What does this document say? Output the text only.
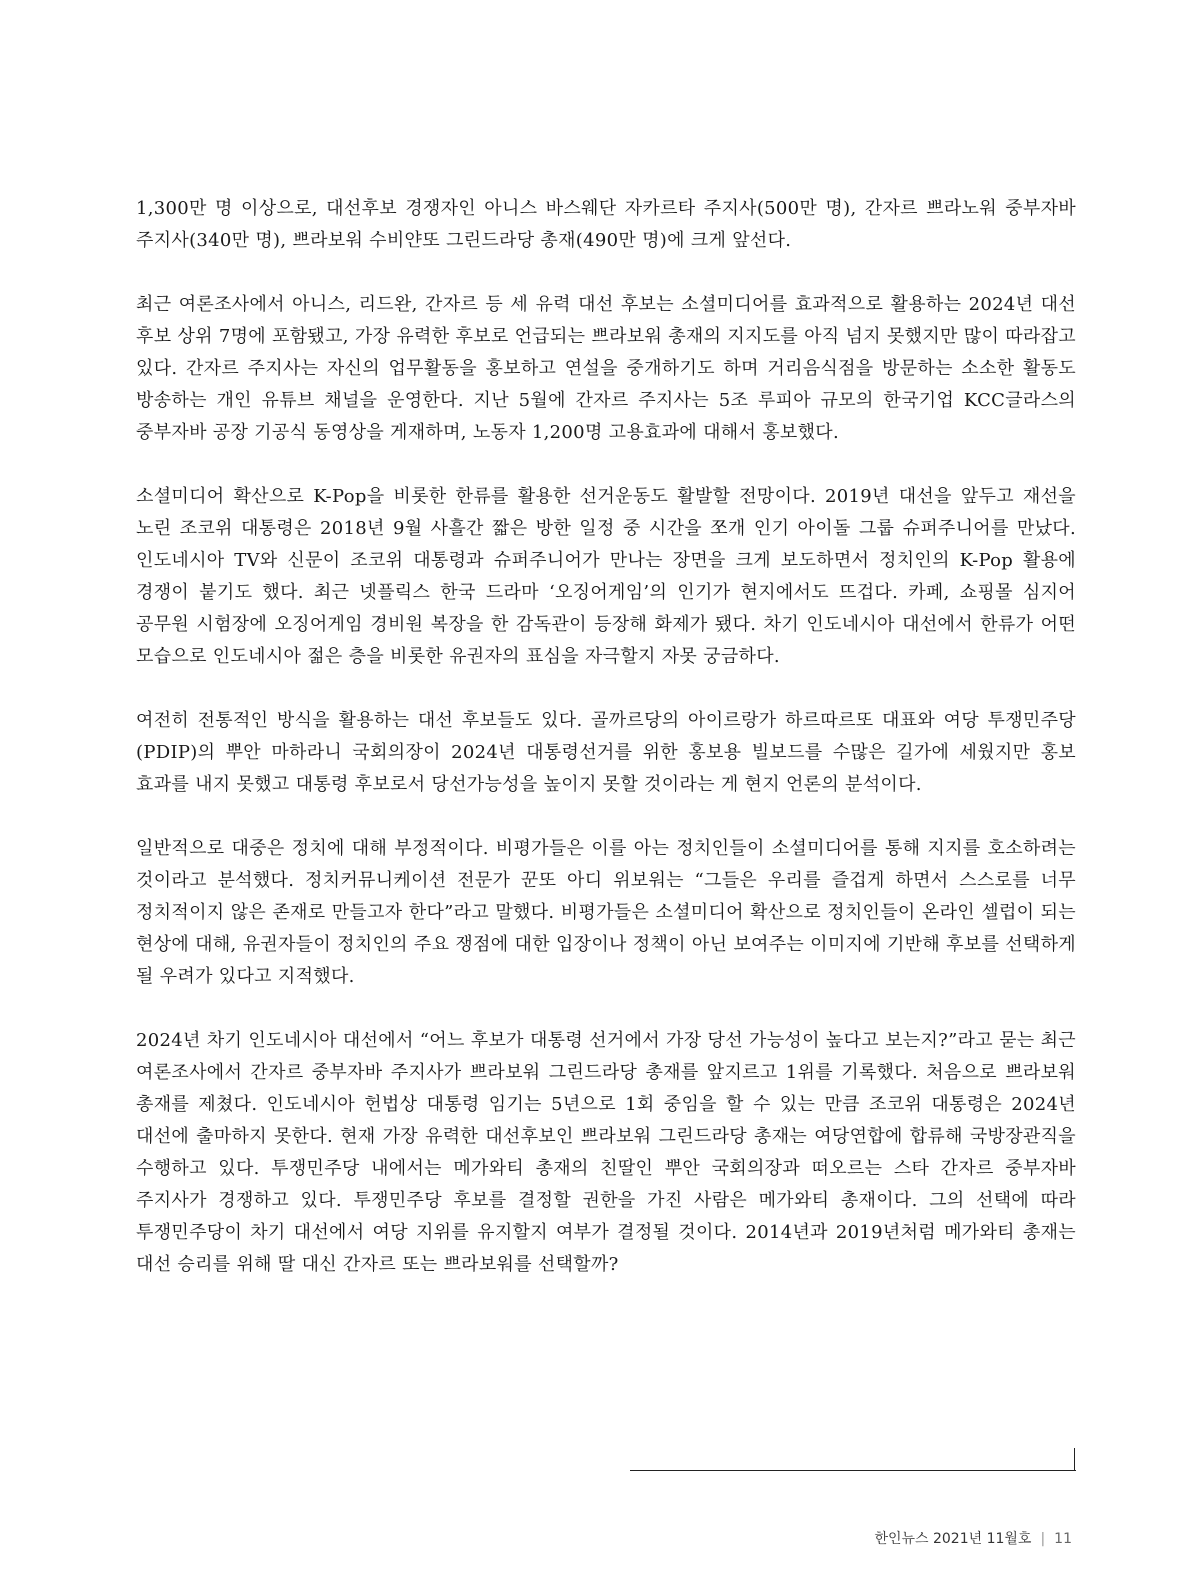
1,300만 명 이상으로, 대선후보 경쟁자인 아니스 바스웨단 자카르타 주지사(500만 명), 간자르 쁘라노워 중부자바 주지사(340만 명), 쁘라보워 수비얀또 그린드라당 총재(490만 명)에 크게 앞선다.

최근 여론조사에서 아니스, 리드완, 간자르 등 세 유력 대선 후보는 소셜미디어를 효과적으로 활용하는 2024년 대선 후보 상위 7명에 포함됐고, 가장 유력한 후보로 언급되는 쁘라보워 총재의 지지도를 아직 넘지 못했지만 많이 따라잡고 있다. 간자르 주지사는 자신의 업무활동을 홍보하고 연설을 중개하기도 하며 거리음식점을 방문하는 소소한 활동도 방송하는 개인 유튜브 채널을 운영한다. 지난 5월에 간자르 주지사는 5조 루피아 규모의 한국기업 KCC글라스의 중부자바 공장 기공식 동영상을 게재하며, 노동자 1,200명 고용효과에 대해서 홍보했다.

소셜미디어 확산으로 K-Pop을 비롯한 한류를 활용한 선거운동도 활발할 전망이다. 2019년 대선을 앞두고 재선을 노린 조코위 대통령은 2018년 9월 사흘간 짧은 방한 일정 중 시간을 쪼개 인기 아이돌 그룹 슈퍼주니어를 만났다. 인도네시아 TV와 신문이 조코위 대통령과 슈퍼주니어가 만나는 장면을 크게 보도하면서 정치인의 K-Pop 활용에 경쟁이 붙기도 했다. 최근 넷플릭스 한국 드라마 ‘오징어게임’의 인기가 현지에서도 뜨겁다. 카페, 쇼핑몰 심지어 공무원 시험장에 오징어게임 경비원 복장을 한 감독관이 등장해 화제가 됐다. 차기 인도네시아 대선에서 한류가 어떤 모습으로 인도네시아 젊은 층을 비롯한 유권자의 표심을 자극할지 자못 궁금하다.

여전히 전통적인 방식을 활용하는 대선 후보들도 있다. 골까르당의 아이르랑가 하르따르또 대표와 여당 투쟁민주당(PDIP)의 뿌안 마하라니 국회의장이 2024년 대통령선거를 위한 홍보용 빌보드를 수많은 길가에 세웠지만 홍보 효과를 내지 못했고 대통령 후보로서 당선가능성을 높이지 못할 것이라는 게 현지 언론의 분석이다.

일반적으로 대중은 정치에 대해 부정적이다. 비평가들은 이를 아는 정치인들이 소셜미디어를 통해 지지를 호소하려는 것이라고 분석했다. 정치커뮤니케이션 전문가 꾼또 아디 위보워는 “그들은 우리를 즐겁게 하면서 스스로를 너무 정치적이지 않은 존재로 만들고자 한다”라고 말했다. 비평가들은 소셜미디어 확산으로 정치인들이 온라인 셀럽이 되는 현상에 대해, 유권자들이 정치인의 주요 쟁점에 대한 입장이나 정책이 아닌 보여주는 이미지에 기반해 후보를 선택하게 될 우려가 있다고 지적했다.

2024년 차기 인도네시아 대선에서 “어느 후보가 대통령 선거에서 가장 당선 가능성이 높다고 보는지?”라고 묻는 최근 여론조사에서 간자르 중부자바 주지사가 쁘라보워 그린드라당 총재를 앞지르고 1위를 기록했다. 처음으로 쁘라보워 총재를 제쳤다. 인도네시아 헌법상 대통령 임기는 5년으로 1회 중임을 할 수 있는 만큼 조코위 대통령은 2024년 대선에 출마하지 못한다. 현재 가장 유력한 대선후보인 쁘라보워 그린드라당 총재는 여당연합에 합류해 국방장관직을 수행하고 있다. 투쟁민주당 내에서는 메가와티 총재의 친딸인 뿌안 국회의장과 떠오르는 스타 간자르 중부자바 주지사가 경쟁하고 있다. 투쟁민주당 후보를 결정할 권한을 가진 사람은 메가와티 총재이다. 그의 선택에 따라 투쟁민주당이 차기 대선에서 여당 지위를 유지할지 여부가 결정될 것이다. 2014년과 2019년처럼 메가와티 총재는 대선 승리를 위해 딸 대신 간자르 또는 쁘라보워를 선택할까?

한인뉴스 2021년 11월호 | 11
